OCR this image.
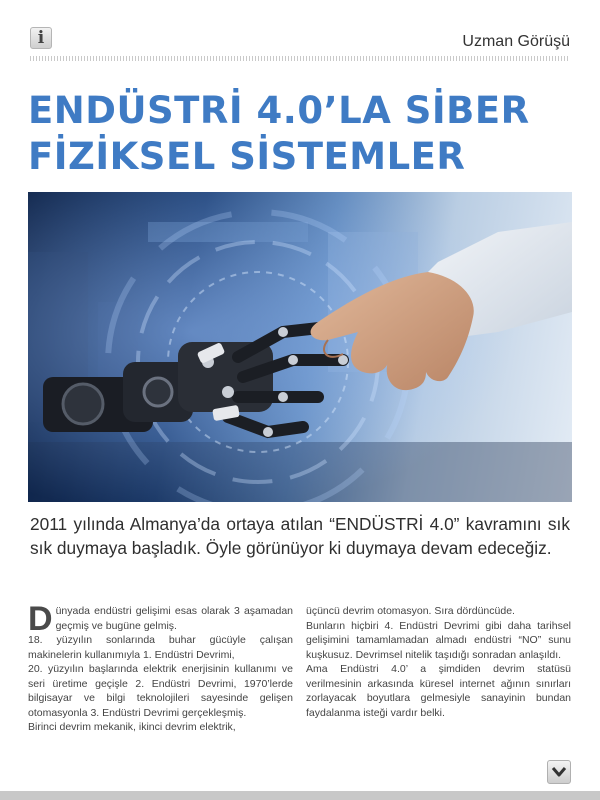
i	Uzman Görüşü
ENDÜSTRİ 4.0’LA SİBER FİZİKSEL SİSTEMLER

2011 yılında Almanya’da ortaya atılan “ENDÜSTRİ 4.0” kavramını sık sık duymaya başladık. Öyle görünüyor ki duymaya devam edeceğiz.

Dünyada endüstri gelişimi esas olarak 3 aşamadan geçmiş ve bugüne gelmiş.

18. yüzyılın sonlarında buhar gücüyle çalışan makinelerin kullanımıyla 1. Endüstri Devrimi,

20. yüzyılın başlarında elektrik enerjisinin kullanımı ve seri üretime geçişle 2. Endüstri Devrimi, 1970’lerde bilgisayar ve bilgi teknolojileri sayesinde gelişen otomasyonla 3. Endüstri Devrimi gerçekleşmiş.

Birinci devrim mekanik, ikinci devrim elektrik,

üçüncü devrim otomasyon. Sıra dördüncüde.

Bunların hiçbiri 4. Endüstri Devrimi gibi daha tarihsel gelişimini tamamlamadan almadı endüstri “NO” sunu kuşkusuz. Devrimsel nitelik taşıdığı sonradan anlaşıldı.

Ama Endüstri 4.0’ a şimdiden devrim statüsü verilmesinin arkasında küresel internet ağının sınırları zorlayacak boyutlara gelmesiyle sanayinin bundan faydalanma isteği vardır belki.
